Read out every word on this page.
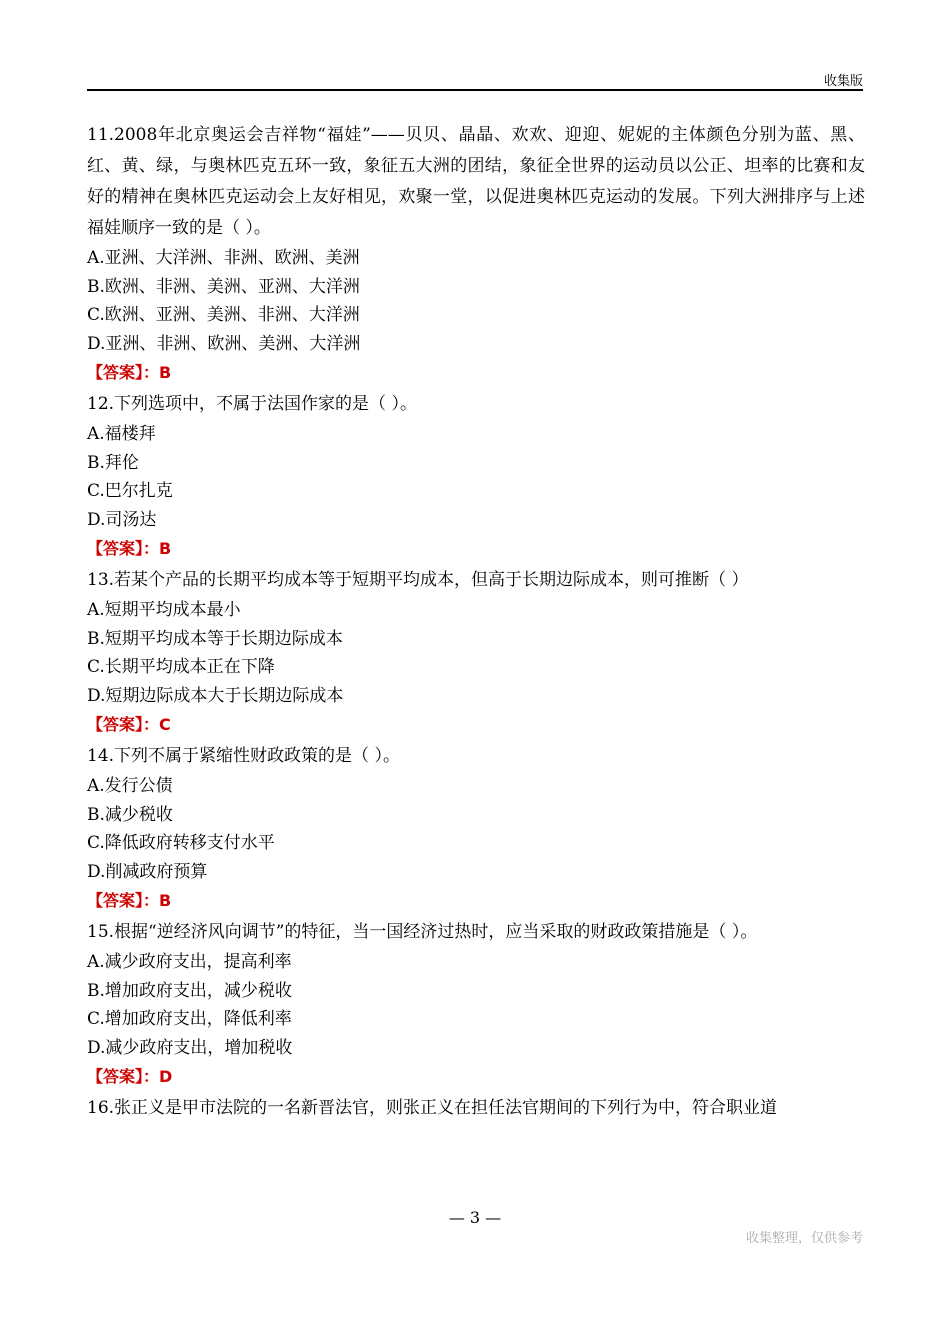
收集版

11.2008年北京奥运会吉祥物“福娃”——贝贝、晶晶、欢欢、迎迎、妮妮的主体颜色分别为蓝、黑、红、黄、绿，与奥林匹克五环一致，象征五大洲的团结，象征全世界的运动员以公正、坦率的比赛和友好的精神在奥林匹克运动会上友好相见，欢聚一堂，以促进奥林匹克运动的发展。下列大洲排序与上述福娃顺序一致的是（ ）。

A.亚洲、大洋洲、非洲、欧洲、美洲

B.欧洲、非洲、美洲、亚洲、大洋洲

C.欧洲、亚洲、美洲、非洲、大洋洲

D.亚洲、非洲、欧洲、美洲、大洋洲

【答案】：B

12.下列选项中，不属于法国作家的是（ ）。

A.福楼拜

B.拜伦

C.巴尔扎克

D.司汤达

【答案】：B

13.若某个产品的长期平均成本等于短期平均成本，但高于长期边际成本，则可推断（ ）

A.短期平均成本最小

B.短期平均成本等于长期边际成本

C.长期平均成本正在下降

D.短期边际成本大于长期边际成本

【答案】：C

14.下列不属于紧缩性财政政策的是（ ）。

A.发行公债

B.减少税收

C.降低政府转移支付水平

D.削减政府预算

【答案】：B

15.根据“逆经济风向调节”的特征，当一国经济过热时，应当采取的财政政策措施是（ ）。

A.减少政府支出，提高利率

B.增加政府支出，减少税收

C.增加政府支出，降低利率

D.减少政府支出，增加税收

【答案】：D

16.张正义是甲市法院的一名新晋法官，则张正义在担任法官期间的下列行为中，符合职业道

— 3 —
收集整理，仅供参考
